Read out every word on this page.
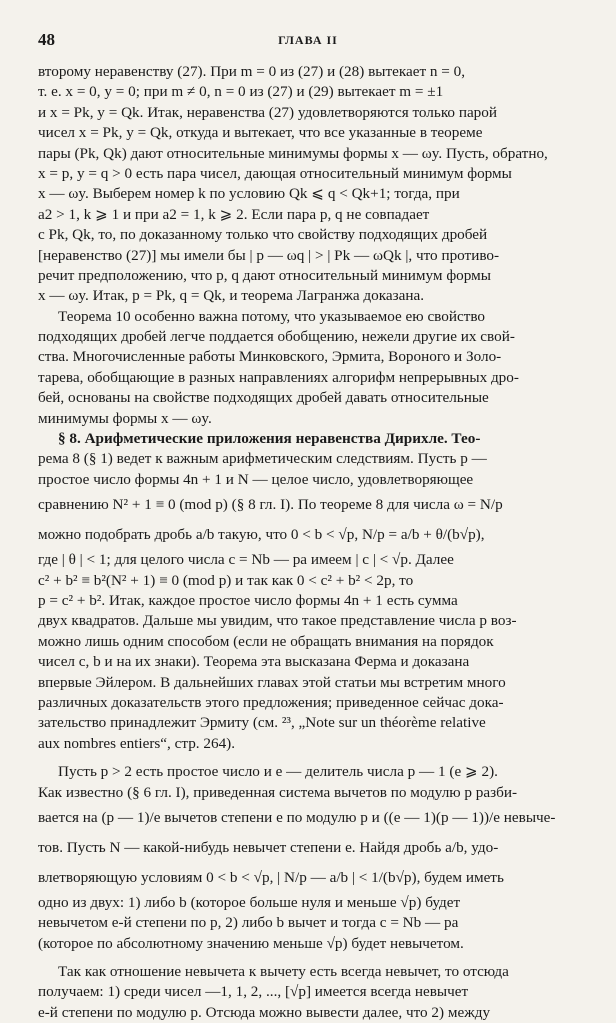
48	ГЛАВА II
второму неравенству (27). При m = 0 из (27) и (28) вытекает n = 0,
т. е. x = 0, y = 0; при m ≠ 0, n = 0 из (27) и (29) вытекает m = ±1
и x = Pk, y = Qk. Итак, неравенства (27) удовлетворяются только парой
чисел x = Pk, y = Qk, откуда и вытекает, что все указанные в теореме
пары (Pk, Qk) дают относительные минимумы формы x — ωy. Пусть, обратно,
x = p, y = q > 0 есть пара чисел, дающая относительный минимум формы
x — ωy. Выберем номер k по условию Qk ⩽ q < Qk+1; тогда, при
a2 > 1, k ⩾ 1 и при a2 = 1, k ⩾ 2. Если пара p, q не совпадает
с Pk, Qk, то, по доказанному только что свойству подходящих дробей
[неравенство (27)] мы имели бы | p — ωq | > | Pk — ωQk |, что противо-
речит предположению, что p, q дают относительный минимум формы
x — ωy. Итак, p = Pk, q = Qk, и теорема Лагранжа доказана.
Теорема 10 особенно важна потому, что указываемое ею свойство
подходящих дробей легче поддается обобщению, нежели другие их свой-
ства. Многочисленные работы Минковского, Эрмита, Вороного и Золо-
тарева, обобщающие в разных направлениях алгорифм непрерывных дро-
бей, основаны на свойстве подходящих дробей давать относительные
минимумы формы x — ωy.
§ 8. Арифметические приложения неравенства Дирихле. Тео-
рема 8 (§ 1) ведет к важным арифметическим следствиям. Пусть p —
простое число формы 4n + 1 и N — целое число, удовлетворяющее
сравнению N² + 1 ≡ 0 (mod p) (§ 8 гл. I). По теореме 8 для числа ω = N/p
можно подобрать дробь a/b такую, что 0 < b < √p, N/p = a/b + θ/(b√p),
где | θ | < 1; для целого числа c = Nb — pa имеем | c | < √p. Далее
c² + b² ≡ b²(N² + 1) ≡ 0 (mod p) и так как 0 < c² + b² < 2p, то
p = c² + b². Итак, каждое простое число формы 4n + 1 есть сумма
двух квадратов. Дальше мы увидим, что такое представление числа p воз-
можно лишь одним способом (если не обращать внимания на порядок
чисел c, b и на их знаки). Теорема эта высказана Ферма и доказана
впервые Эйлером. В дальнейших главах этой статьи мы встретим много
различных доказательств этого предложения; приведенное сейчас дока-
зательство принадлежит Эрмиту (см. ²³, „Note sur un théorème relative
aux nombres entiers“, стр. 264).
Пусть p > 2 есть простое число и e — делитель числа p — 1 (e ⩾ 2).
Как известно (§ 6 гл. I), приведенная система вычетов по модулю p разби-
вается на (p — 1)/e вычетов степени e по модулю p и ((e — 1)(p — 1))/e невыче-
тов. Пусть N — какой-нибудь невычет степени e. Найдя дробь a/b, удо-
влетворяющую условиям 0 < b < √p, | N/p — a/b | < 1/(b√p), будем иметь
одно из двух: 1) либо b (которое больше нуля и меньше √p) будет
невычетом e-й степени по p, 2) либо b вычет и тогда c = Nb — pa
(которое по абсолютному значению меньше √p) будет невычетом.
Так как отношение невычета к вычету есть всегда невычет, то отсюда
получаем: 1) среди чисел —1, 1, 2, ..., [√p] имеется всегда невычет
e-й степени по модулю p. Отсюда можно вывести далее, что 2) между
